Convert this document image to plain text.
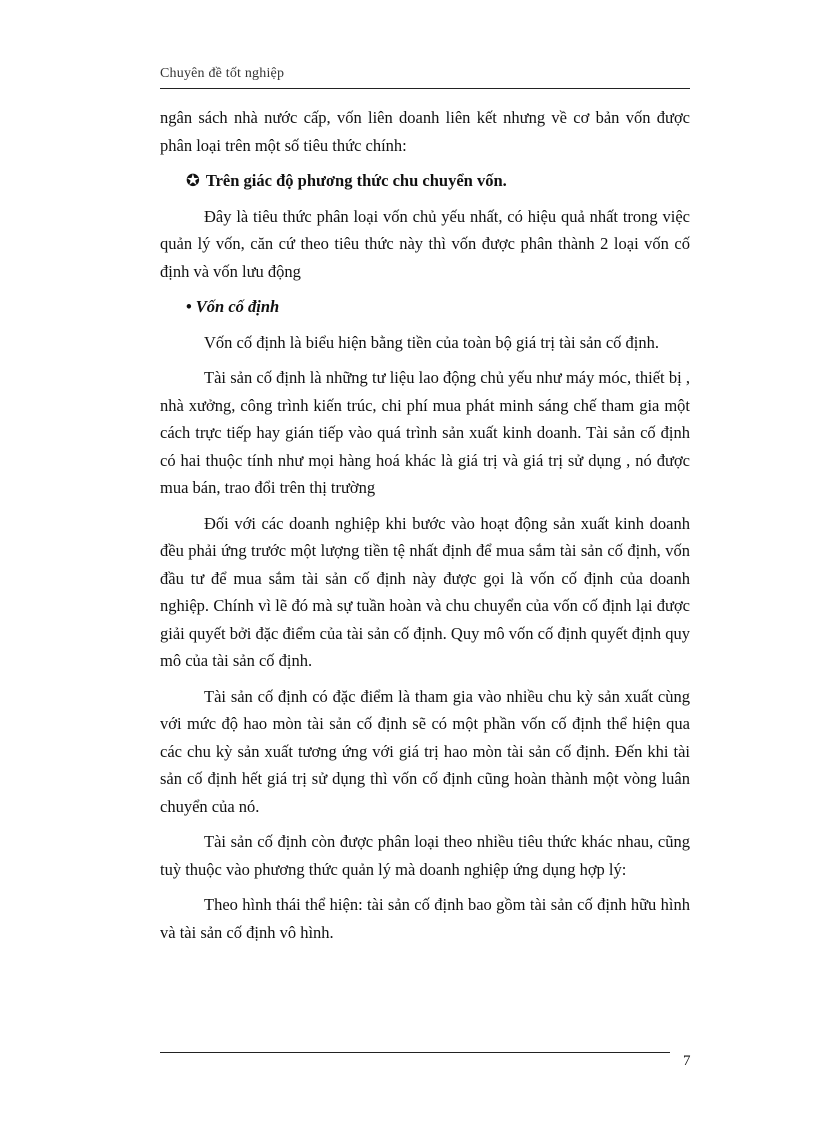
Chuyên đề tốt nghiệp

ngân sách nhà nước cấp, vốn liên doanh liên kết nhưng về cơ bản vốn được phân loại trên một số tiêu thức chính:

✪ Trên giác độ phương thức chu chuyển vốn.

Đây là tiêu thức phân loại vốn chủ yếu nhất, có hiệu quả nhất trong việc quản lý vốn, căn cứ theo tiêu thức này thì vốn được phân thành 2 loại vốn cố định và vốn lưu động

• Vốn cố định

Vốn cố định là biểu hiện bằng tiền của toàn bộ giá trị tài sản cố định.

Tài sản cố định là những tư liệu lao động chủ yếu như máy móc, thiết bị , nhà xưởng, công trình kiến trúc, chi phí mua phát minh sáng chế tham gia một cách trực tiếp hay gián tiếp vào quá trình sản xuất kinh doanh. Tài sản cố định có hai thuộc tính như mọi hàng hoá khác là giá trị và giá trị sử dụng , nó được mua bán, trao đổi trên thị trường

Đối với các doanh nghiệp khi bước vào hoạt động sản xuất kinh doanh đều phải ứng trước một lượng tiền tệ nhất định để mua sắm tài sản cố định, vốn đầu tư để mua sắm tài sản cố định này được gọi là vốn cố định của doanh nghiệp. Chính vì lẽ đó mà sự tuần hoàn và chu chuyển của vốn cố định lại được giải quyết bởi đặc điểm của tài sản cố định. Quy mô vốn cố định quyết định quy mô của tài sản cố định.

Tài sản cố định có đặc điểm là tham gia vào nhiều chu kỳ sản xuất cùng với mức độ hao mòn tài sản cố định sẽ có một phần vốn cố định thể hiện qua các chu kỳ sản xuất tương ứng với giá trị hao mòn tài sản cố định. Đến khi tài sản cố định hết giá trị sử dụng thì vốn cố định cũng hoàn thành một vòng luân chuyển của nó.

Tài sản cố định còn được phân loại theo nhiều tiêu thức khác nhau, cũng tuỳ thuộc vào phương thức quản lý mà doanh nghiệp ứng dụng hợp lý:

Theo hình thái thể hiện: tài sản cố định bao gồm tài sản cố định hữu hình và tài sản cố định vô hình.

7
